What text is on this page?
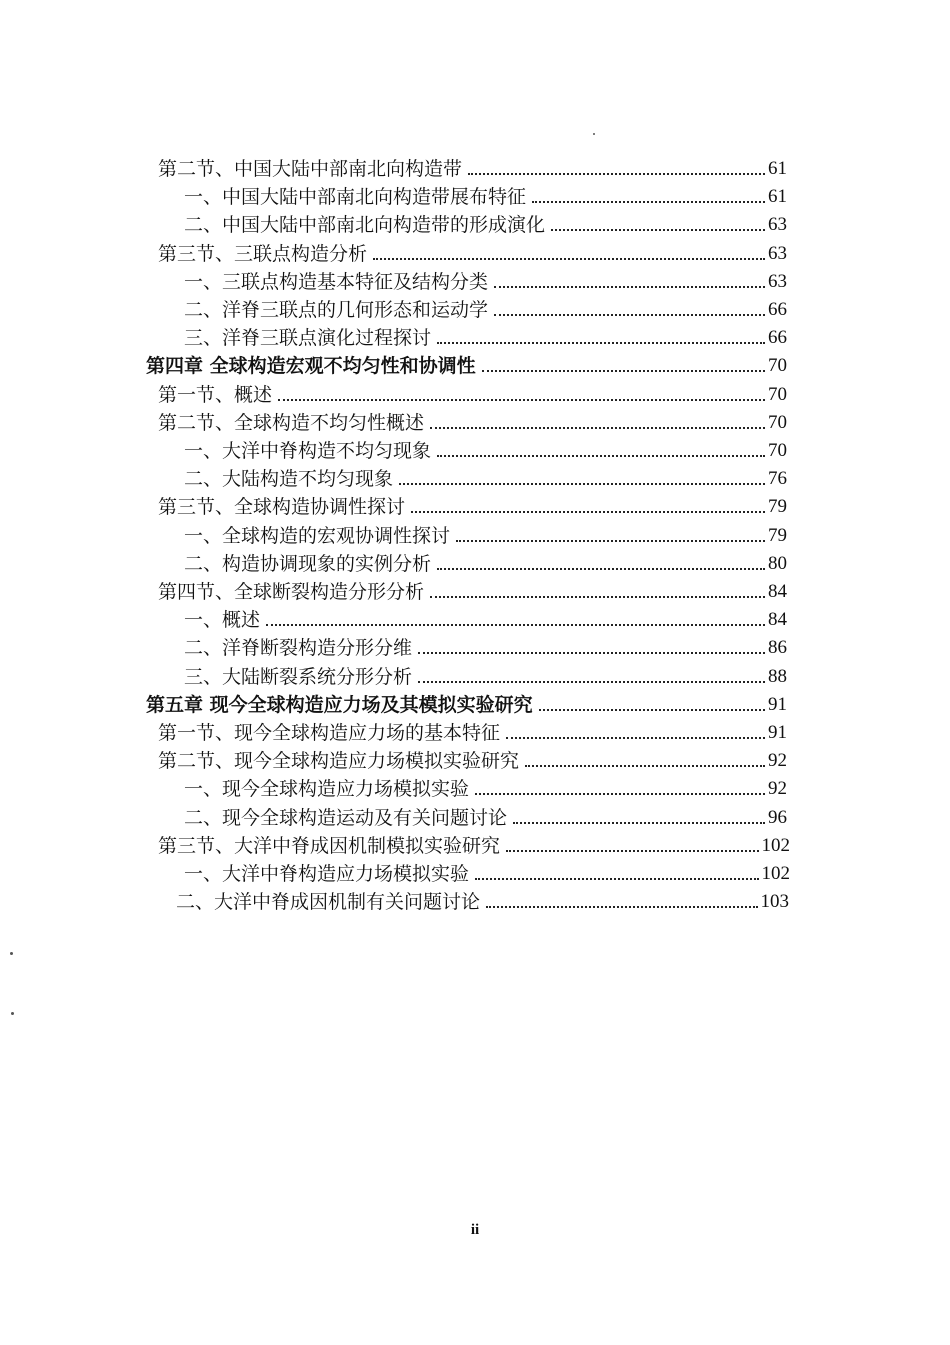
第二节、中国大陆中部南北向构造带	61
一、中国大陆中部南北向构造带展布特征	61
二、中国大陆中部南北向构造带的形成演化	63
第三节、三联点构造分析	63
一、三联点构造基本特征及结构分类	63
二、洋脊三联点的几何形态和运动学	66
三、洋脊三联点演化过程探讨	66
第四章 全球构造宏观不均匀性和协调性	70
第一节、概述	70
第二节、全球构造不均匀性概述	70
一、大洋中脊构造不均匀现象	70
二、大陆构造不均匀现象	76
第三节、全球构造协调性探讨	79
一、全球构造的宏观协调性探讨	79
二、构造协调现象的实例分析	80
第四节、全球断裂构造分形分析	84
一、概述	84
二、洋脊断裂构造分形分维	86
三、大陆断裂系统分形分析	88
第五章 现今全球构造应力场及其模拟实验研究	91
第一节、现今全球构造应力场的基本特征	91
第二节、现今全球构造应力场模拟实验研究	92
一、现今全球构造应力场模拟实验	92
二、现今全球构造运动及有关问题讨论	96
第三节、大洋中脊成因机制模拟实验研究	102
一、大洋中脊构造应力场模拟实验	102
二、大洋中脊成因机制有关问题讨论	103
ii
